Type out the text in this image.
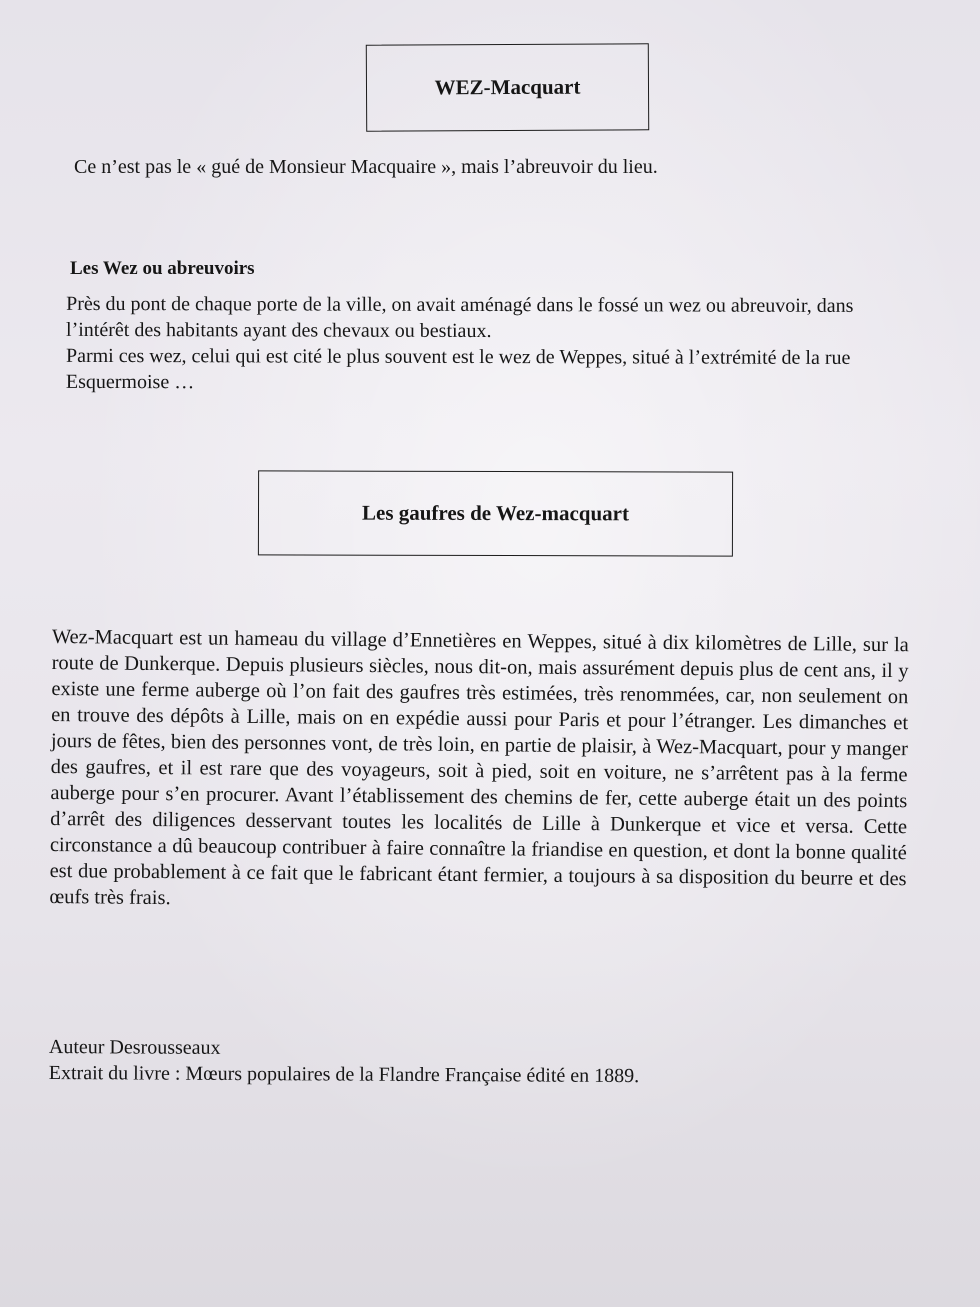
WEZ-Macquart
Ce n’est pas le « gué de Monsieur Macquaire », mais l’abreuvoir du lieu.
Les Wez ou abreuvoirs

Près du pont de chaque porte de la ville, on avait aménagé dans le fossé un wez ou abreuvoir, dans l’intérêt des habitants ayant des chevaux ou bestiaux.

Parmi ces wez, celui qui est cité le plus souvent est le wez de Weppes, situé à l’extrémité de la rue Esquermoise …

Les gaufres de Wez-macquart
Wez-Macquart est un hameau du village d’Ennetières en Weppes, situé à dix kilomètres de Lille, sur la route de Dunkerque. Depuis plusieurs siècles, nous dit-on, mais assurément depuis plus de cent ans, il y existe une ferme auberge où l’on fait des gaufres très estimées, très renommées, car, non seulement on en trouve des dépôts à Lille, mais on en expédie aussi pour Paris et pour l’étranger. Les dimanches et jours de fêtes, bien des personnes vont, de très loin, en partie de plaisir, à Wez-Macquart, pour y manger des gaufres, et il est rare que des voyageurs, soit à pied, soit en voiture, ne s’arrêtent pas à la ferme auberge pour s’en procurer. Avant l’établissement des chemins de fer, cette auberge était un des points d’arrêt des diligences desservant toutes les localités de Lille à Dunkerque et vice et versa. Cette circonstance a dû beaucoup contribuer à faire connaître la friandise en question, et dont la bonne qualité est due probablement à ce fait que le fabricant étant fermier, a toujours à sa disposition du beurre et des œufs très frais.
Auteur Desrousseaux
Extrait du livre : Mœurs populaires de la Flandre Française édité en 1889.
